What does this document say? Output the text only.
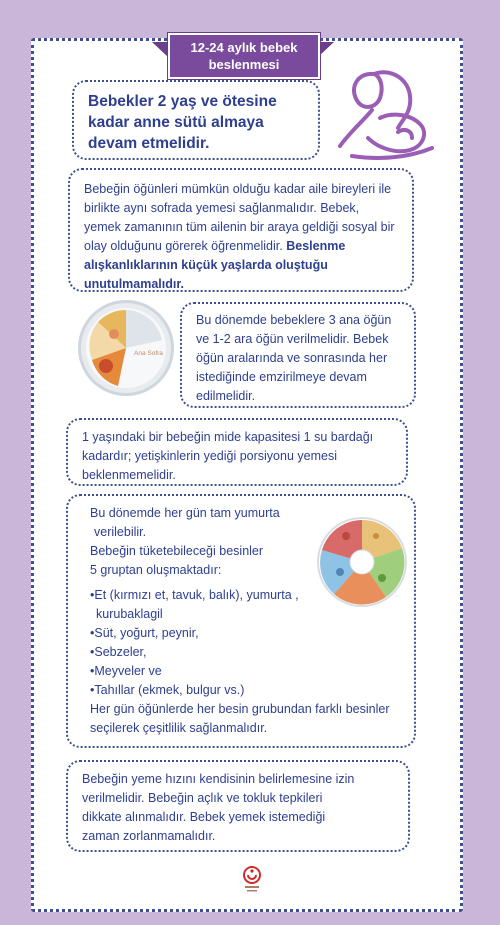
12-24 aylık bebek
beslenmesi

Bebekler 2 yaş ve ötesine kadar anne sütü almaya devam etmelidir.

Bebeğin öğünleri mümkün olduğu kadar aile bireyleri ile birlikte aynı sofrada yemesi sağlanmalıdır. Bebek, yemek zamanının tüm ailenin bir araya geldiği sosyal bir olay olduğunu görerek öğrenmelidir. Beslenme alışkanlıklarının küçük yaşlarda oluştuğu unutulmamalıdır.

Ana Sofra

Bu dönemde bebeklere 3 ana öğün ve 1-2 ara öğün verilmelidir. Bebek öğün aralarında ve sonrasında her istediğinde emzirilmeye devam edilmelidir.

1 yaşındaki bir bebeğin mide kapasitesi 1 su bardağı kadardır; yetişkinlerin yediği porsiyonu yemesi beklenmemelidir.

Bu dönemde her gün tam yumurta

verilebilir.

Bebeğin tüketebileceği besinler

5 gruptan oluşmaktadır:

•Et (kırmızı et, tavuk, balık), yumurta ,

kurubaklagil

•Süt, yoğurt, peynir,

•Sebzeler,

•Meyveler ve

•Tahıllar (ekmek, bulgur vs.)

Her gün öğünlerde her besin grubundan farklı besinler

seçilerek çeşitlilik sağlanmalıdır.

Bebeğin yeme hızını kendisinin belirlemesine izin

verilmelidir. Bebeğin açlık ve tokluk tepkileri

dikkate alınmalıdır. Bebek yemek istemediği

zaman zorlanmamalıdır.
